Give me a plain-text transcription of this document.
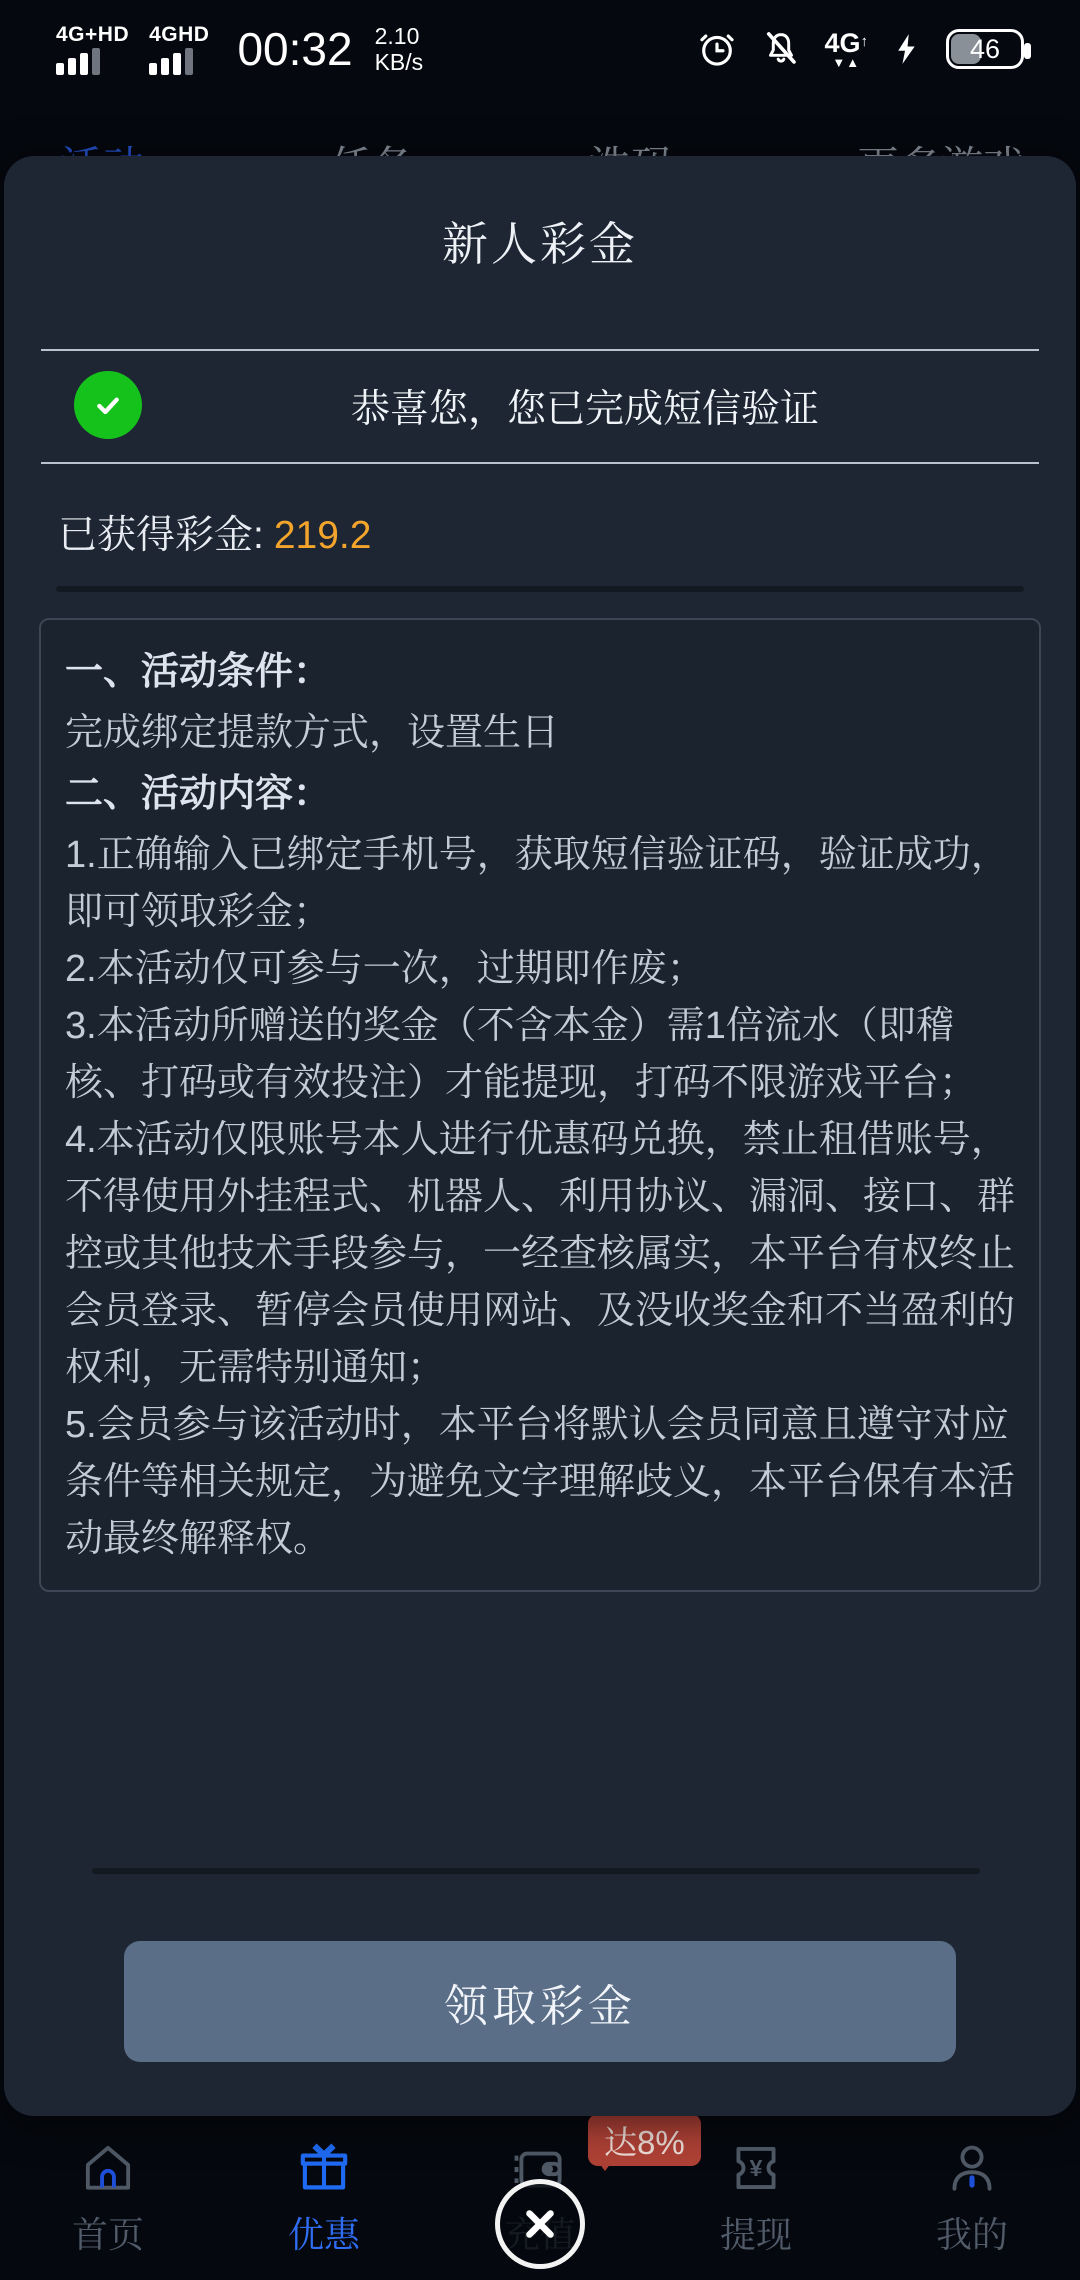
4G+HD 4GHD 00:32 2.10
KB/s
4G↑
▼▲	46
新人彩金
恭喜您，您已完成短信验证
已获得彩金: 219.2

一、活动条件：

完成绑定提款方式，设置生日

二、活动内容：

1.正确输入已绑定手机号，获取短信验证码，验证成功，即可领取彩金；

2.本活动仅可参与一次，过期即作废；

3.本活动所赠送的奖金（不含本金）需1倍流水（即稽核、打码或有效投注）才能提现，打码不限游戏平台；

4.本活动仅限账号本人进行优惠码兑换，禁止租借账号，不得使用外挂程式、机器人、利用协议、漏洞、接口、群控或其他技术手段参与，一经查核属实，本平台有权终止会员登录、暂停会员使用网站、及没收奖金和不当盈利的权利，无需特别通知；

5.会员参与该活动时，本平台将默认会员同意且遵守对应条件等相关规定，为避免文字理解歧义，本平台保有本活动最终解释权。

领取彩金
首页	优惠
¥
提现	我的
达8%
